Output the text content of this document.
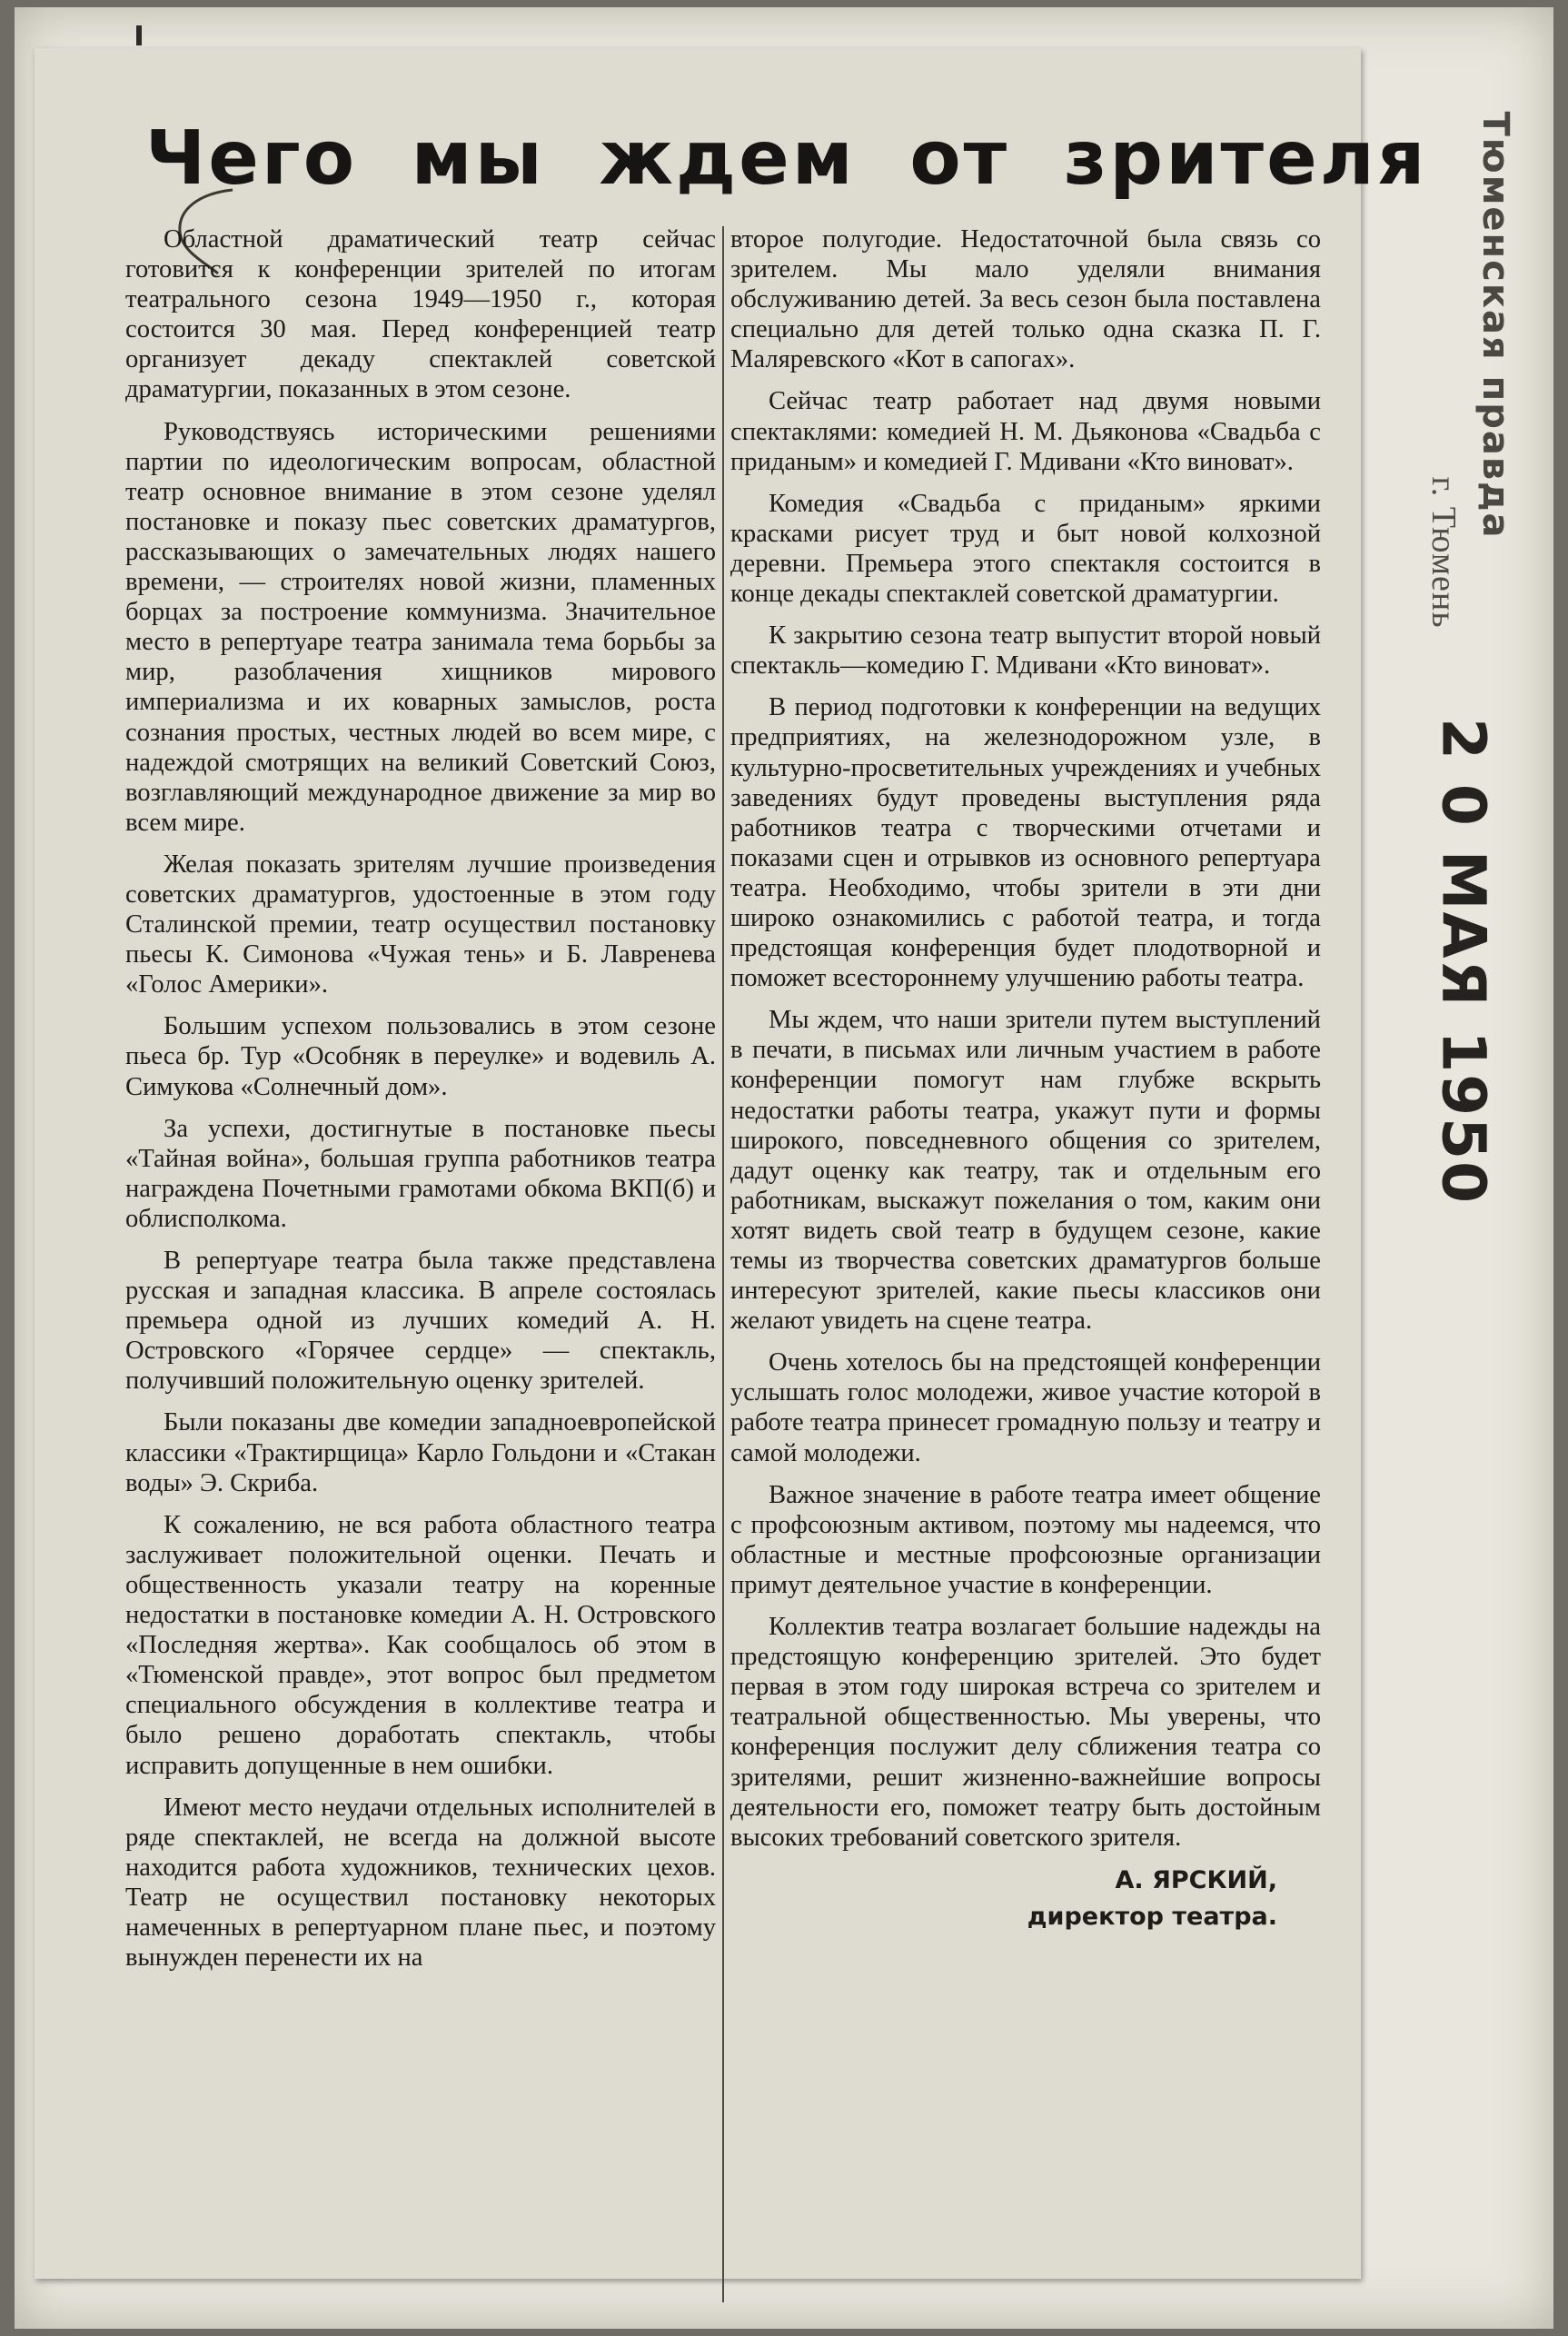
Чего мы ждем от зрителя

Областной драматический театр сейчас готовится к конференции зрителей по итогам театрального сезона 1949—1950 г., которая состоится 30 мая. Перед конференцией театр организует декаду спектаклей советской драматургии, показанных в этом сезоне.

Руководствуясь историческими решениями партии по идеологическим вопросам, областной театр основное внимание в этом сезоне уделял постановке и показу пьес советских драматургов, рассказывающих о замечательных людях нашего времени, — строителях новой жизни, пламенных борцах за построение коммунизма. Значительное место в репертуаре театра занимала тема борьбы за мир, разоблачения хищников мирового империализма и их коварных замыслов, роста сознания простых, честных людей во всем мире, с надеждой смотрящих на великий Советский Союз, возглавляющий международное движение за мир во всем мире.

Желая показать зрителям лучшие произведения советских драматургов, удостоенные в этом году Сталинской премии, театр осуществил постановку пьесы К. Симонова «Чужая тень» и Б. Лавренева «Голос Америки».

Большим успехом пользовались в этом сезоне пьеса бр. Тур «Особняк в переулке» и водевиль А. Симукова «Солнечный дом».

За успехи, достигнутые в постановке пьесы «Тайная война», большая группа работников театра награждена Почетными грамотами обкома ВКП(б) и облисполкома.

В репертуаре театра была также представлена русская и западная классика. В апреле состоялась премьера одной из лучших комедий А. Н. Островского «Горячее сердце» — спектакль, получивший положительную оценку зрителей.

Были показаны две комедии западноевропейской классики «Трактирщица» Карло Гольдони и «Стакан воды» Э. Скриба.

К сожалению, не вся работа областного театра заслуживает положительной оценки. Печать и общественность указали театру на коренные недостатки в постановке комедии А. Н. Островского «Последняя жертва». Как сообщалось об этом в «Тюменской правде», этот вопрос был предметом специального обсуждения в коллективе театра и было решено доработать спектакль, чтобы исправить допущенные в нем ошибки.

Имеют место неудачи отдельных исполнителей в ряде спектаклей, не всегда на должной высоте находится работа художников, технических цехов. Театр не осуществил постановку некоторых намеченных в репертуарном плане пьес, и поэтому вынужден перенести их на

второе полугодие. Недостаточной была связь со зрителем. Мы мало уделяли внимания обслуживанию детей. За весь сезон была поставлена специально для детей только одна сказка П. Г. Маляревского «Кот в сапогах».

Сейчас театр работает над двумя новыми спектаклями: комедией Н. М. Дьяконова «Свадьба с приданым» и комедией Г. Мдивани «Кто виноват».

Комедия «Свадьба с приданым» яркими красками рисует труд и быт новой колхозной деревни. Премьера этого спектакля состоится в конце декады спектаклей советской драматургии.

К закрытию сезона театр выпустит второй новый спектакль—комедию Г. Мдивани «Кто виноват».

В период подготовки к конференции на ведущих предприятиях, на железнодорожном узле, в культурно-просветительных учреждениях и учебных заведениях будут проведены выступления ряда работников театра с творческими отчетами и показами сцен и отрывков из основного репертуара театра. Необходимо, чтобы зрители в эти дни широко ознакомились с работой театра, и тогда предстоящая конференция будет плодотворной и поможет всестороннему улучшению работы театра.

Мы ждем, что наши зрители путем выступлений в печати, в письмах или личным участием в работе конференции помогут нам глубже вскрыть недостатки работы театра, укажут пути и формы широкого, повседневного общения со зрителем, дадут оценку как театру, так и отдельным его работникам, выскажут пожелания о том, каким они хотят видеть свой театр в будущем сезоне, какие темы из творчества советских драматургов больше интересуют зрителей, какие пьесы классиков они желают увидеть на сцене театра.

Очень хотелось бы на предстоящей конференции услышать голос молодежи, живое участие которой в работе театра принесет громадную пользу и театру и самой молодежи.

Важное значение в работе театра имеет общение с профсоюзным активом, поэтому мы надеемся, что областные и местные профсоюзные организации примут деятельное участие в конференции.

Коллектив театра возлагает большие надежды на предстоящую конференцию зрителей. Это будет первая в этом году широкая встреча со зрителем и театральной общественностью. Мы уверены, что конференция послужит делу сближения театра со зрителями, решит жизненно-важнейшие вопросы деятельности его, поможет театру быть достойным высоких требований советского зрителя.

А. ЯРСКИЙ,
директор театра.
Тюменская правда
г. Тюмень
2 0 МАЯ 1950
